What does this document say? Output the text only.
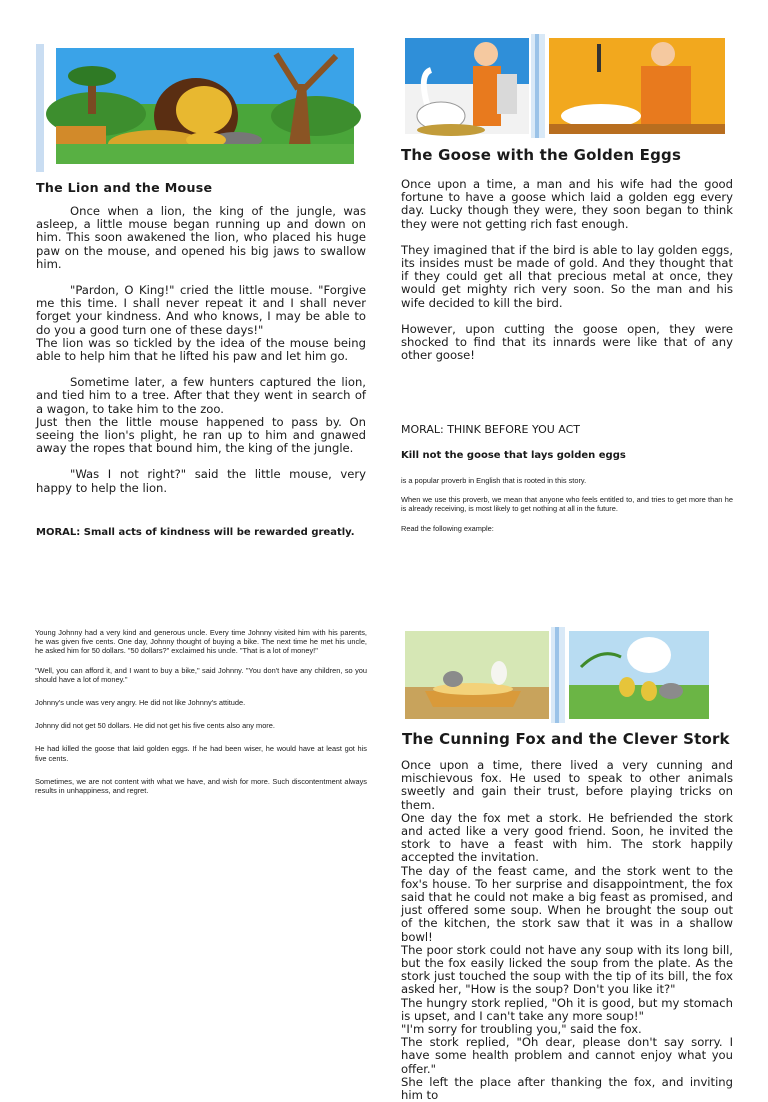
The Lion and the Mouse

Once when a lion, the king of the jungle, was asleep, a little mouse began running up and down on him. This soon awakened the lion, who placed his huge paw on the mouse, and opened his big jaws to swallow him.

"Pardon, O King!" cried the little mouse. "Forgive me this time. I shall never repeat it and I shall never forget your kindness. And who knows, I may be able to do you a good turn one of these days!"

The lion was so tickled by the idea of the mouse being able to help him that he lifted his paw and let him go.

Sometime later, a few hunters captured the lion, and tied him to a tree. After that they went in search of a wagon, to take him to the zoo.

Just then the little mouse happened to pass by. On seeing the lion's plight, he ran up to him and gnawed away the ropes that bound him, the king of the jungle.

"Was I not right?" said the little mouse, very happy to help the lion.

MORAL: Small acts of kindness will be rewarded greatly.
The Goose with the Golden Eggs

Once upon a time, a man and his wife had the good fortune to have a goose which laid a golden egg every day. Lucky though they were, they soon began to think they were not getting rich fast enough.

They imagined that if the bird is able to lay golden eggs, its insides must be made of gold. And they thought that if they could get all that precious metal at once, they would get mighty rich very soon. So the man and his wife decided to kill the bird.

However, upon cutting the goose open, they were shocked to find that its innards were like that of any other goose!

MORAL: THINK BEFORE YOU ACT
Kill not the goose that lays golden eggs

is a popular proverb in English that is rooted in this story.

When we use this proverb, we mean that anyone who feels entitled to, and tries to get more than he is already receiving, is most likely to get nothing at all in the future.

Read the following example:

Young Johnny had a very kind and generous uncle. Every time Johnny visited him with his parents, he was given five cents. One day, Johnny thought of buying a bike. The next time he met his uncle, he asked him for 50 dollars. "50 dollars?" exclaimed his uncle. "That is a lot of money!"

"Well, you can afford it, and I want to buy a bike," said Johnny. "You don't have any children, so you should have a lot of money."

Johnny's uncle was very angry. He did not like Johnny's attitude.

Johnny did not get 50 dollars. He did not get his five cents also any more.

He had killed the goose that laid golden eggs. If he had been wiser, he would have at least got his five cents.

Sometimes, we are not content with what we have, and wish for more. Such discontentment always results in unhappiness, and regret.

The Cunning Fox and the Clever Stork

Once upon a time, there lived a very cunning and mischievous fox. He used to speak to other animals sweetly and gain their trust, before playing tricks on them.

One day the fox met a stork. He befriended the stork and acted like a very good friend. Soon, he invited the stork to have a feast with him. The stork happily accepted the invitation.

The day of the feast came, and the stork went to the fox's house. To her surprise and disappointment, the fox said that he could not make a big feast as promised, and just offered some soup. When he brought the soup out of the kitchen, the stork saw that it was in a shallow bowl!

The poor stork could not have any soup with its long bill, but the fox easily licked the soup from the plate. As the stork just touched the soup with the tip of its bill, the fox asked her, "How is the soup? Don't you like it?"

The hungry stork replied, "Oh it is good, but my stomach is upset, and I can't take any more soup!"

"I'm sorry for troubling you," said the fox.

The stork replied, "Oh dear, please don't say sorry. I have some health problem and cannot enjoy what you offer."

She left the place after thanking the fox, and inviting him to
